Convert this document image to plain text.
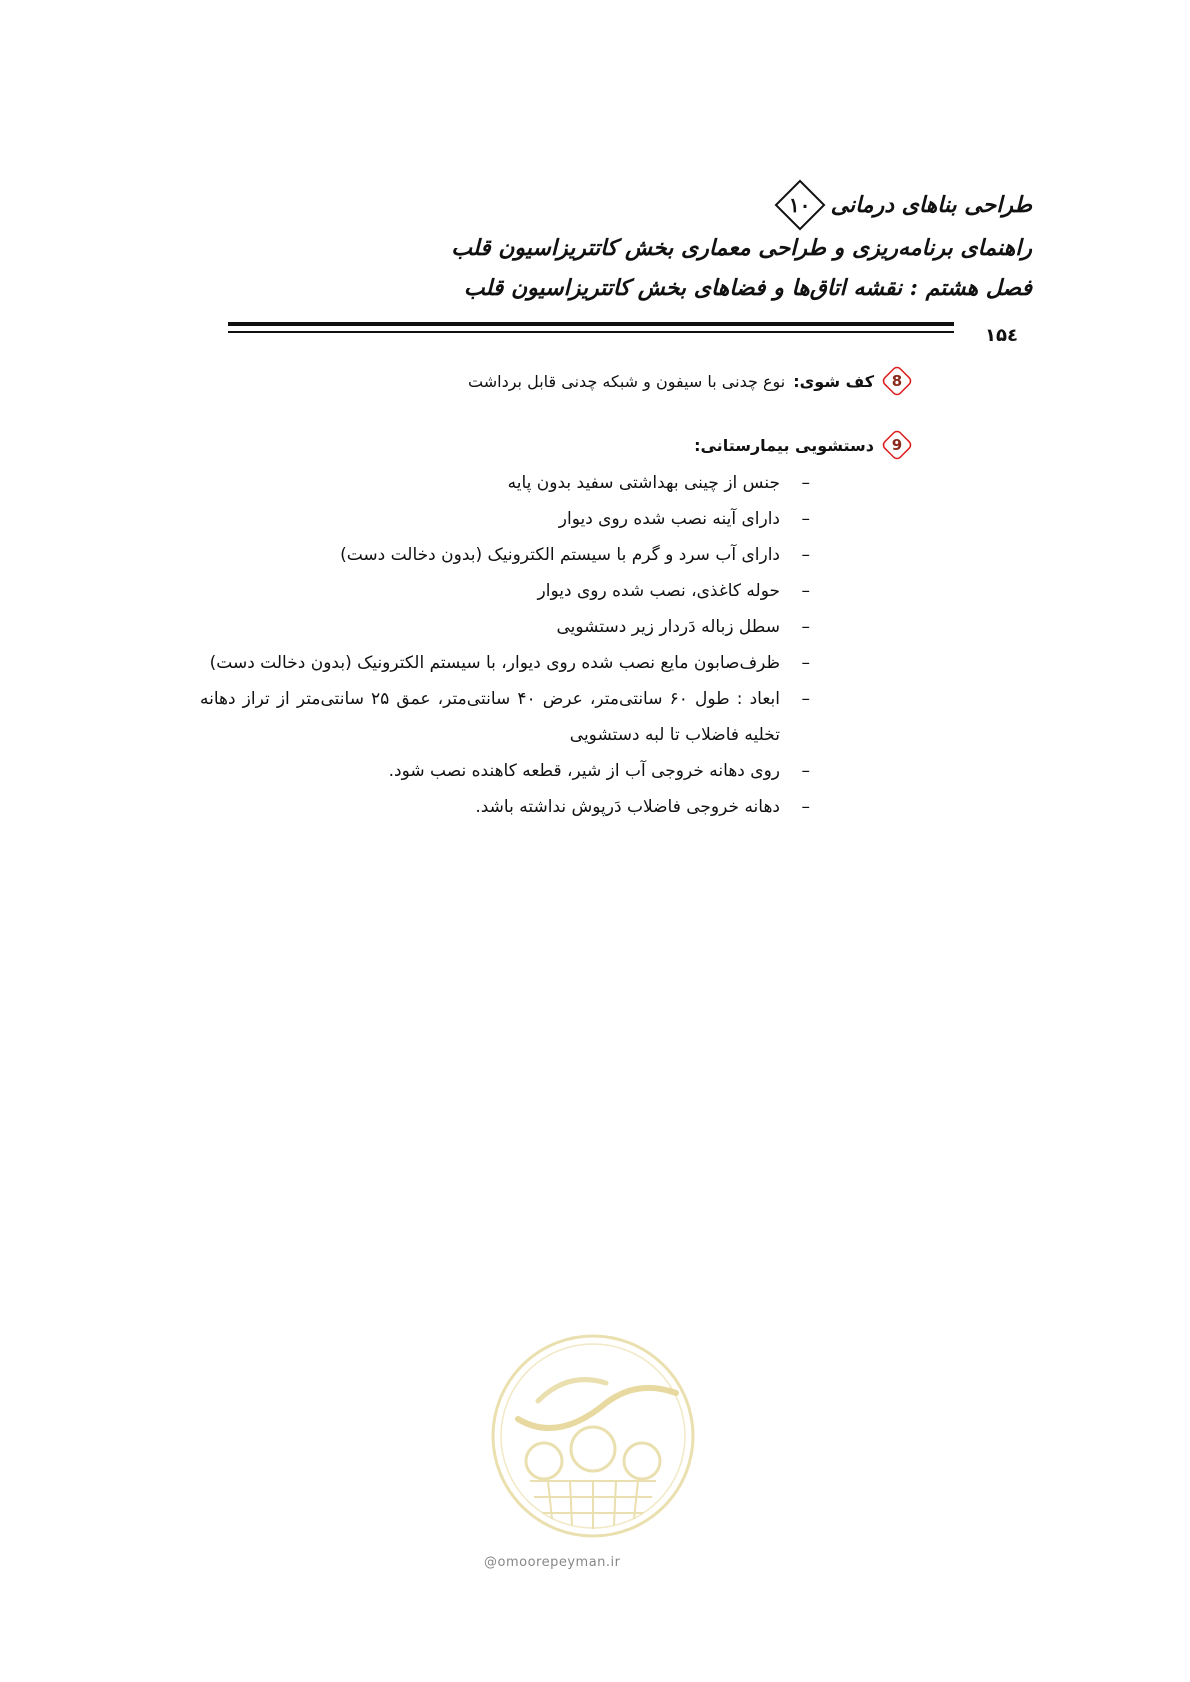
طراحی بناهای درمانی
۱۰
راهنمای برنامه‌ریزی و طراحی معماری بخش کاتتریزاسیون قلب
فصل هشتم : نقشه اتاق‌ها و فضاهای بخش کاتتریزاسیون قلب
۱۵٤
8
کف شوی:
نوع چدنی با سیفون و شبکه چدنی قابل برداشت
9
دستشویی بیمارستانی:
– جنس از چینی بهداشتی سفید بدون پایه
– دارای آینه نصب شده روی دیوار
– دارای آب سرد و گرم با سیستم الکترونیک (بدون دخالت دست)
– حوله کاغذی، نصب شده روی دیوار
– سطل زباله دَردار زیر دستشویی
– ظرف‌صابون مایع نصب شده روی دیوار، با سیستم الکترونیک (بدون دخالت دست)
– ابعاد : طول ۶۰ سانتی‌متر، عرض ۴۰ سانتی‌متر، عمق ۲۵ سانتی‌متر از تراز دهانه تخلیه فاضلاب تا لبه دستشویی
– روی دهانه خروجی آب از شیر، قطعه کاهنده نصب شود.
– دهانه خروجی فاضلاب دَرپوش نداشته باشد.
@omoorepeyman.ir
